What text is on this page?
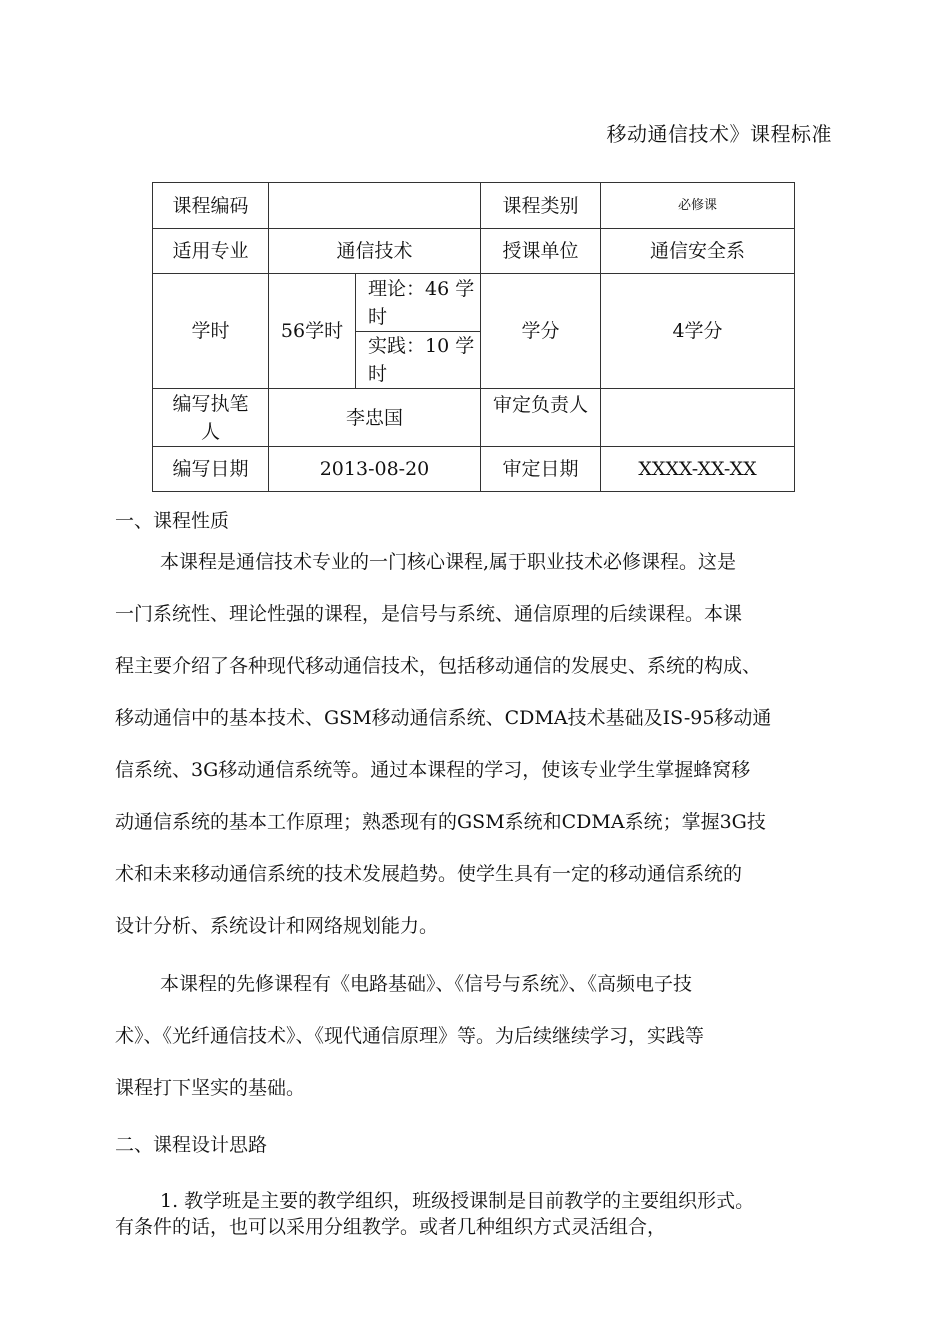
移动通信技术》课程标准
课程编码			课程类别	必修课
适用专业	通信技术		授课单位	通信安全系
学时	56学时	理论：46 学时	学分	4学分
		实践：10 学时		
编写执笔人	李忠国		审定负责人	
编写日期	2013-08-20		审定日期	XXXX-XX-XX
一、课程性质
本课程是通信技术专业的一门核心课程,属于职业技术必修课程。这是
一门系统性、理论性强的课程，是信号与系统、通信原理的后续课程。本课
程主要介绍了各种现代移动通信技术，包括移动通信的发展史、系统的构成、
移动通信中的基本技术、GSM移动通信系统、CDMA技术基础及IS-95移动通
信系统、3G移动通信系统等。通过本课程的学习，使该专业学生掌握蜂窝移
动通信系统的基本工作原理；熟悉现有的GSM系统和CDMA系统；掌握3G技
术和未来移动通信系统的技术发展趋势。使学生具有一定的移动通信系统的
设计分析、系统设计和网络规划能力。
本课程的先修课程有《电路基础》、《信号与系统》、《高频电子技
术》、《光纤通信技术》、《现代通信原理》等。为后续继续学习，实践等
课程打下坚实的基础。
二、课程设计思路
1. 教学班是主要的教学组织，班级授课制是目前教学的主要组织形式。
有条件的话，也可以采用分组教学。或者几种组织方式灵活组合，
